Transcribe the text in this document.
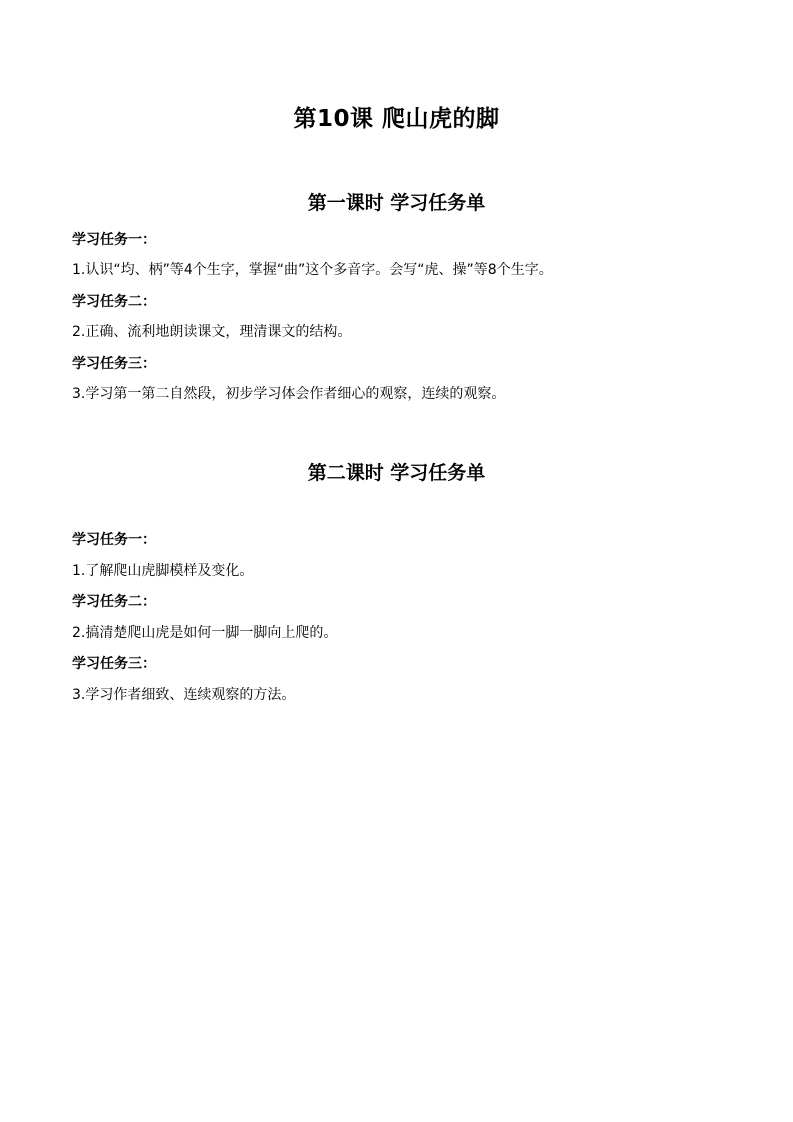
第10课 爬山虎的脚
第一课时 学习任务单

学习任务一：

1.认识“均、柄”等4个生字，掌握“曲”这个多音字。会写“虎、操”等8个生字。

学习任务二：

2.正确、流利地朗读课文，理清课文的结构。

学习任务三：

3.学习第一第二自然段，初步学习体会作者细心的观察，连续的观察。

第二课时 学习任务单

学习任务一：

1.了解爬山虎脚模样及变化。

学习任务二：

2.搞清楚爬山虎是如何一脚一脚向上爬的。

学习任务三：

3.学习作者细致、连续观察的方法。
